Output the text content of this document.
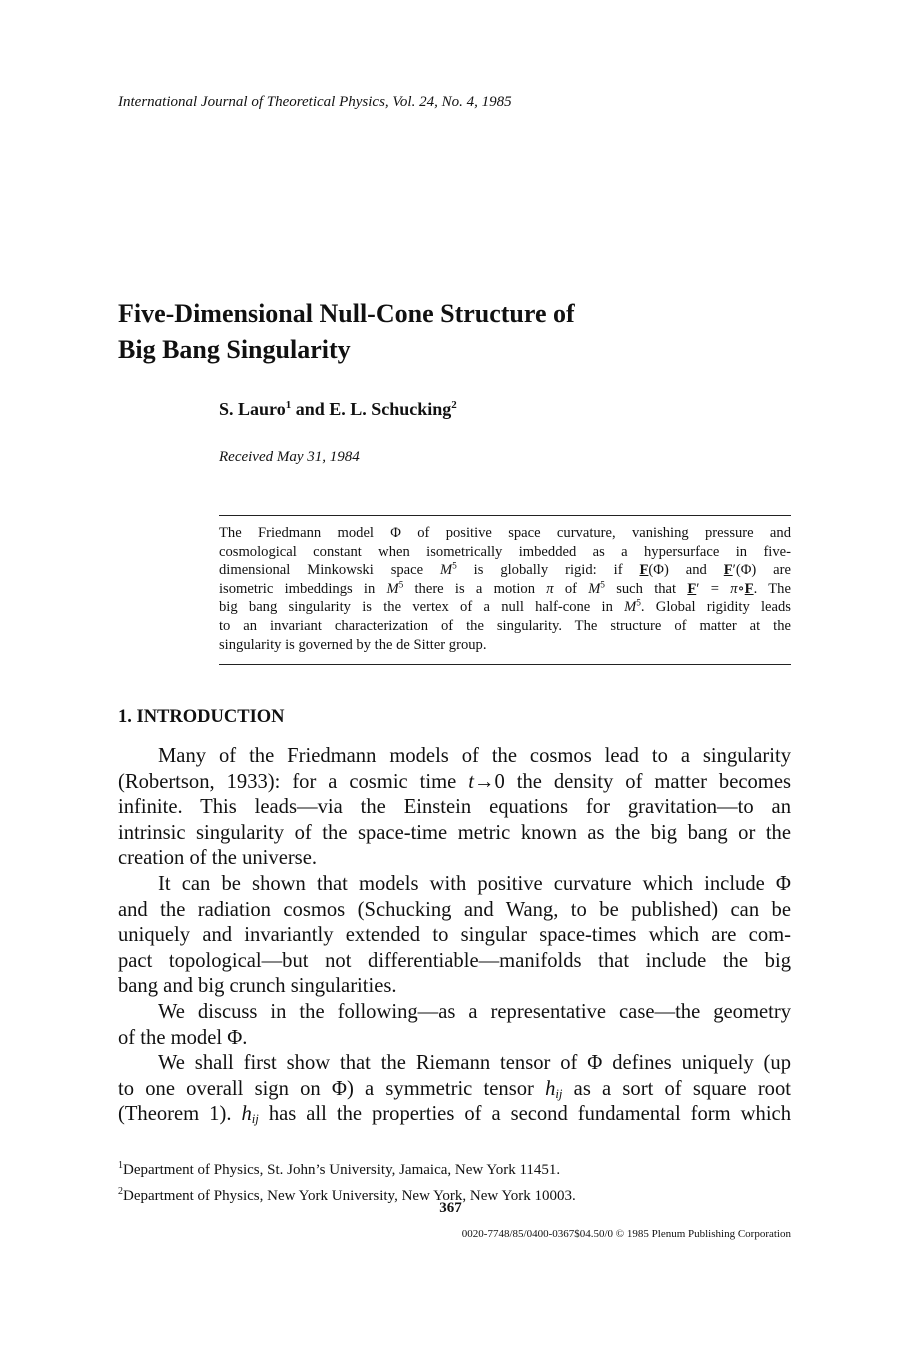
International Journal of Theoretical Physics, Vol. 24, No. 4, 1985
Five-Dimensional Null-Cone Structure of
Big Bang Singularity
S. Lauro$^1$ and E. L. Schucking$^2$
Received May 31, 1984
The Friedmann model Φ of positive space curvature, vanishing pressure and
cosmological constant when isometrically imbedded as a hypersurface in five-
dimensional Minkowski space $M^5$ is globally rigid: if F(Φ) and F′(Φ) are
isometric imbeddings in $M^5$ there is a motion π of $M^5$ such that F′ = π∘F. The
big bang singularity is the vertex of a null half-cone in $M^5$. Global rigidity leads
to an invariant characterization of the singularity. The structure of matter at the
singularity is governed by the de Sitter group.
1. INTRODUCTION
Many of the Friedmann models of the cosmos lead to a singularity
(Robertson, 1933): for a cosmic time t→0 the density of matter becomes
infinite. This leads—via the Einstein equations for gravitation—to an
intrinsic singularity of the space-time metric known as the big bang or the
creation of the universe.
It can be shown that models with positive curvature which include Φ
and the radiation cosmos (Schucking and Wang, to be published) can be
uniquely and invariantly extended to singular space-times which are com-
pact topological—but not differentiable—manifolds that include the big
bang and big crunch singularities.
We discuss in the following—as a representative case—the geometry
of the model Φ.
We shall first show that the Riemann tensor of Φ defines uniquely (up
to one overall sign on Φ) a symmetric tensor $h_{ij}$ as a sort of square root
(Theorem 1). $h_{ij}$ has all the properties of a second fundamental form which
$^1$Department of Physics, St. John’s University, Jamaica, New York 11451.
$^2$Department of Physics, New York University, New York, New York 10003.
367
0020-7748/85/0400-0367$04.50/0 © 1985 Plenum Publishing Corporation
